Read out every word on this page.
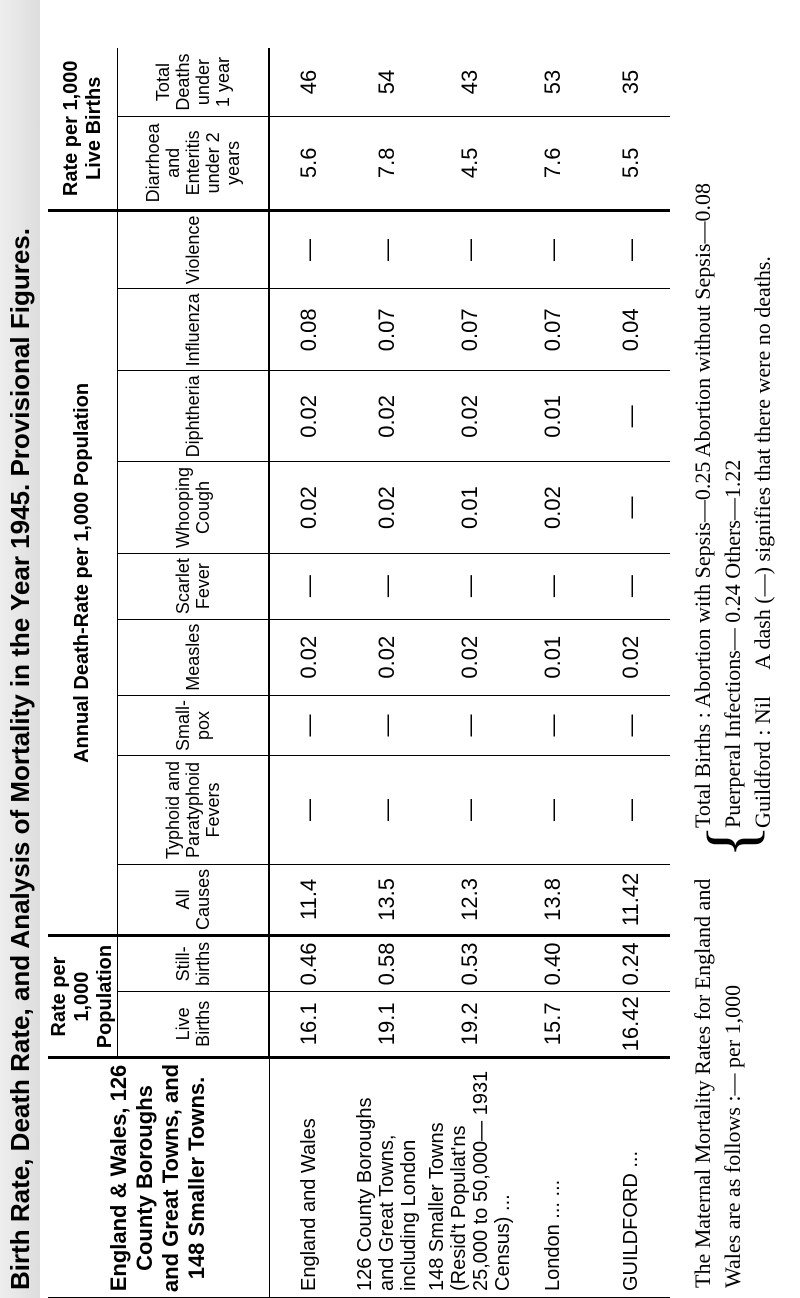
Birth Rate, Death Rate, and Analysis of Mortality in the Year 1945. Provisional Figures.	England & Wales, 126 County Boroughs and Great Towns, and 148 Smaller Towns.	Rate per 1,000 Population		Annual Death-Rate per 1,000 Population									Rate per 1,000 Live Births	
	Live Births	Still-births	All Causes	Typhoid and Paratyphoid Fevers	Small-pox	Measles	Scarlet Fever	Whooping Cough	Diphtheria	Influenza	Violence	Diarrhoea and Enteritis under 2 years	Total Deaths under 1 year
England and Wales	16.1	0.46	11.4	—	—	0.02	—	0.02	0.02	0.08	—	5.6	46
126 County Boroughs and Great Towns, including London	19.1	0.58	13.5	—	—	0.02	—	0.02	0.02	0.07	—	7.8	54
148 Smaller Towns (Resid't Populat'ns 25,000 to 50,000— 1931 Census) ...	19.2	0.53	12.3	—	—	0.02	—	0.01	0.02	0.07	—	4.5	43
London ... ...	15.7	0.40	13.8	—	—	0.01	—	0.02	0.01	0.07	—	7.6	53
GUILDFORD ...	16.42	0.24	11.42	—	—	0.02	—	—	—	0.04	—	5.5	35
The Maternal Mortality Rates for England and Wales are as follows :— per 1,000
{
Total Births : Abortion with Sepsis—0.25 Abortion without Sepsis—0.08 Puerperal Infections— 0.24 Others—1.22 Guildford : Nil     A dash (—) signifies that there were no deaths.
